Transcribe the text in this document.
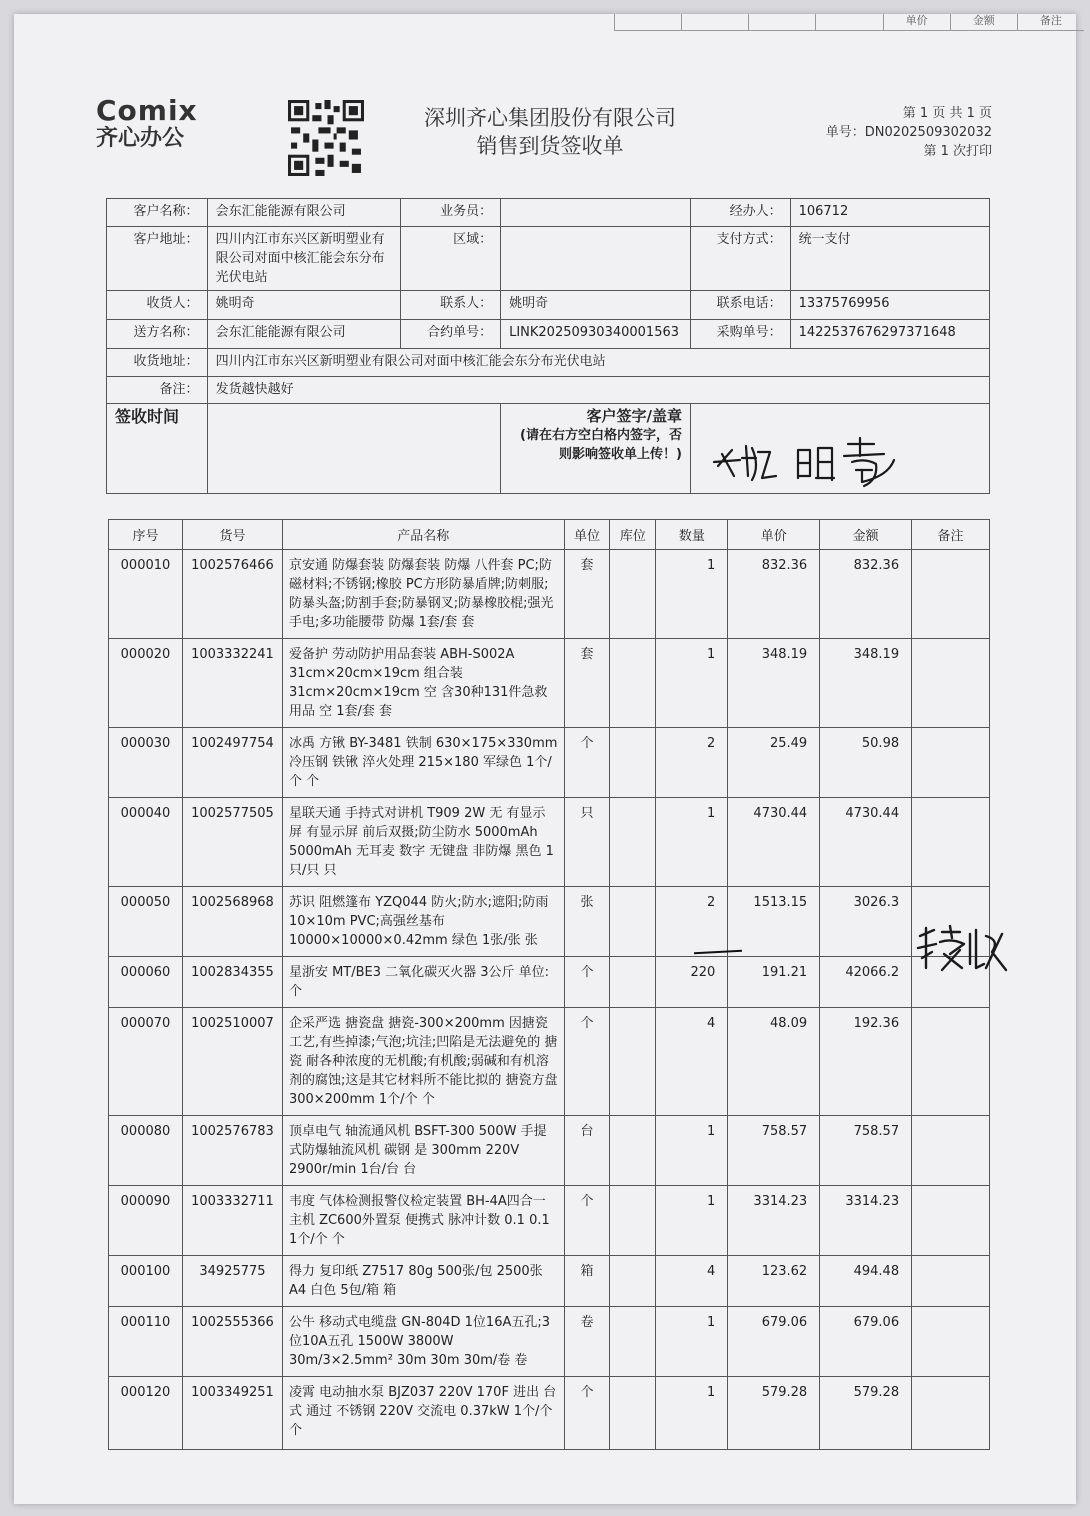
单价	金额	备注
Comix
齐心办公
深圳齐心集团股份有限公司
销售到货签收单
第 1 页 共 1 页
单号：DN0202509302032
第 1 次打印
客户名称：	会东汇能能源有限公司	业务员：		经办人：	106712
客户地址：	四川内江市东兴区新明塑业有限公司对面中核汇能会东分布光伏电站	区域：		支付方式：	统一支付
收货人：	姚明奇	联系人：	姚明奇	联系电话：	13375769956
送方名称：	会东汇能能源有限公司	合约单号：	LINK20250930340001563	采购单号：	1422537676297371648
收货地址：	四川内江市东兴区新明塑业有限公司对面中核汇能会东分布光伏电站				
备注：	发货越快越好				
签收时间			客户签字/盖章
(请在右方空白格内签字，否
则影响签收单上传！)		

序号	货号	产品名称	单位	库位	数量	单价	金额	备注
000010	1002576466	京安通 防爆套装 防爆套装 防爆 八件套 PC;防磁材料;不锈钢;橡胶 PC方形防暴盾牌;防刺服;防暴头盔;防割手套;防暴钢叉;防暴橡胶棍;强光手电;多功能腰带 防爆 1套/套 套	套		1	832.36	832.36	
000020	1003332241	爱备护 劳动防护用品套装 ABH-S002A 31cm×20cm×19cm 组合装 31cm×20cm×19cm 空 含30种131件急救用品 空 1套/套 套	套		1	348.19	348.19	
000030	1002497754	冰禹 方锹 BY-3481 铁制 630×175×330mm 冷压钢 铁锹 淬火处理 215×180 军绿色 1个/个 个	个		2	25.49	50.98	
000040	1002577505	星联天通 手持式对讲机 T909 2W 无 有显示屏 有显示屏 前后双摄;防尘防水 5000mAh 5000mAh 无耳麦 数字 无键盘 非防爆 黑色 1只/只 只	只		1	4730.44	4730.44	
000050	1002568968	苏识 阻燃篷布 YZQ044 防火;防水;遮阳;防雨 10×10m PVC;高强丝基布 10000×10000×0.42mm 绿色 1张/张 张	张		2	1513.15	3026.3	
000060	1002834355	星浙安 MT/BE3 二氧化碳灭火器 3公斤 单位:个	个		220	191.21	42066.2	
000070	1002510007	企采严选 搪瓷盘 搪瓷-300×200mm 因搪瓷工艺,有些掉漆;气泡;坑洼;凹陷是无法避免的 搪瓷 耐各种浓度的无机酸;有机酸;弱碱和有机溶剂的腐蚀;这是其它材料所不能比拟的 搪瓷方盘 300×200mm 1个/个 个	个		4	48.09	192.36	
000080	1002576783	顶卓电气 轴流通风机 BSFT-300 500W 手提式防爆轴流风机 碳钢 是 300mm 220V 2900r/min 1台/台 台	台		1	758.57	758.57	
000090	1003332711	韦度 气体检测报警仪检定装置 BH-4A四合一主机 ZC600外置泵 便携式 脉冲计数 0.1 0.1 1个/个 个	个		1	3314.23	3314.23	
000100	34925775	得力 复印纸 Z7517 80g 500张/包 2500张 A4 白色 5包/箱 箱	箱		4	123.62	494.48	
000110	1002555366	公牛 移动式电缆盘 GN-804D 1位16A五孔;3位10A五孔 1500W 3800W 30m/3×2.5mm² 30m 30m 30m/卷 卷	卷		1	679.06	679.06	
000120	1003349251	凌霄 电动抽水泵 BJZ037 220V 170F 进出 台式 通过 不锈钢 220V 交流电 0.37kW 1个/个 个	个		1	579.28	579.28	
